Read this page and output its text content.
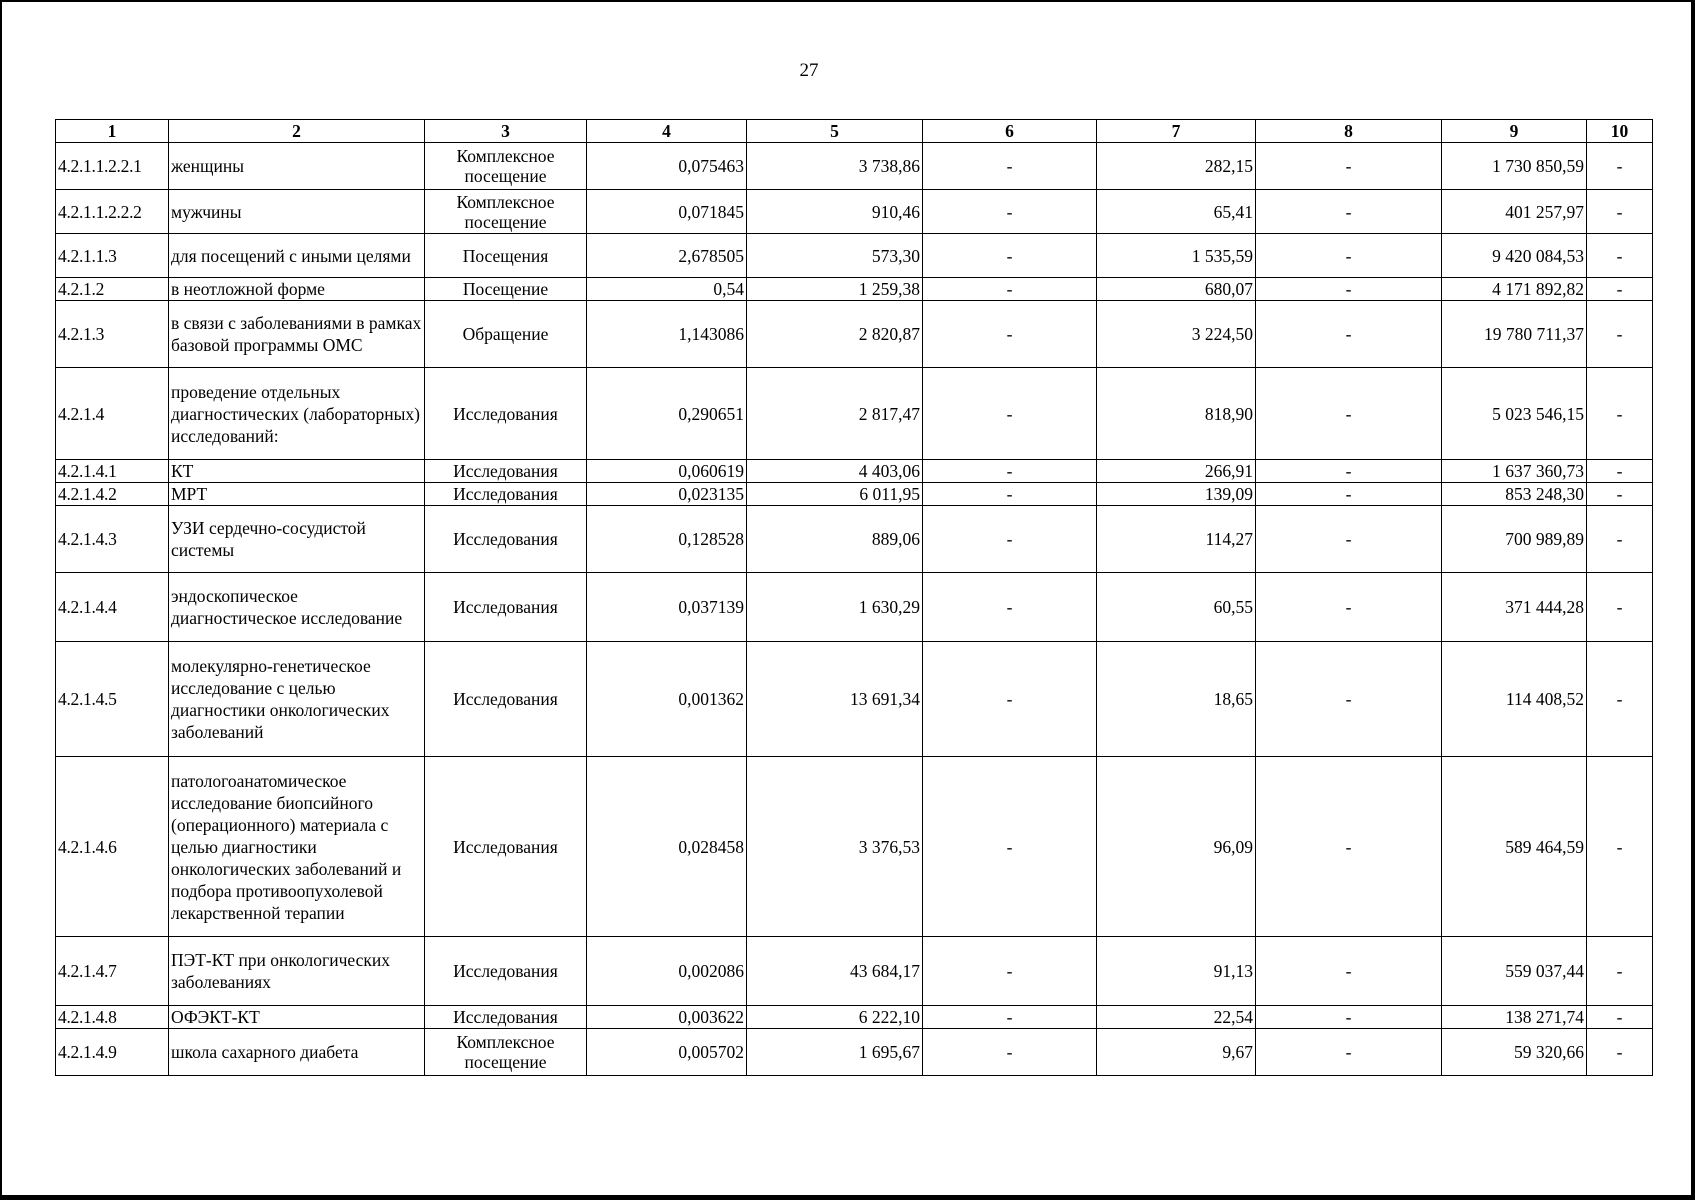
27
1	2	3	4	5	6	7	8	9	10
4.2.1.1.2.2.1	женщины	Комплексное посещение	0,075463	3 738,86	-	282,15	-	1 730 850,59	-
4.2.1.1.2.2.2	мужчины	Комплексное посещение	0,071845	910,46	-	65,41	-	401 257,97	-
4.2.1.1.3	для посещений с иными целями	Посещения	2,678505	573,30	-	1 535,59	-	9 420 084,53	-
4.2.1.2	в неотложной форме	Посещение	0,54	1 259,38	-	680,07	-	4 171 892,82	-
4.2.1.3	в связи с заболеваниями в рамках базовой программы ОМС	Обращение	1,143086	2 820,87	-	3 224,50	-	19 780 711,37	-
4.2.1.4	проведение отдельных диагностических (лабораторных) исследований:	Исследования	0,290651	2 817,47	-	818,90	-	5 023 546,15	-
4.2.1.4.1	КТ	Исследования	0,060619	4 403,06	-	266,91	-	1 637 360,73	-
4.2.1.4.2	МРТ	Исследования	0,023135	6 011,95	-	139,09	-	853 248,30	-
4.2.1.4.3	УЗИ сердечно-сосудистой системы	Исследования	0,128528	889,06	-	114,27	-	700 989,89	-
4.2.1.4.4	эндоскопическое диагностическое исследование	Исследования	0,037139	1 630,29	-	60,55	-	371 444,28	-
4.2.1.4.5	молекулярно-генетическое исследование с целью диагностики онкологических заболеваний	Исследования	0,001362	13 691,34	-	18,65	-	114 408,52	-
4.2.1.4.6	патологоанатомическое исследование биопсийного (операционного) материала с целью диагностики онкологических заболеваний и подбора противоопухолевой лекарственной терапии	Исследования	0,028458	3 376,53	-	96,09	-	589 464,59	-
4.2.1.4.7	ПЭТ-КТ при онкологических заболеваниях	Исследования	0,002086	43 684,17	-	91,13	-	559 037,44	-
4.2.1.4.8	ОФЭКТ-КТ	Исследования	0,003622	6 222,10	-	22,54	-	138 271,74	-
4.2.1.4.9	школа сахарного диабета	Комплексное посещение	0,005702	1 695,67	-	9,67	-	59 320,66	-
